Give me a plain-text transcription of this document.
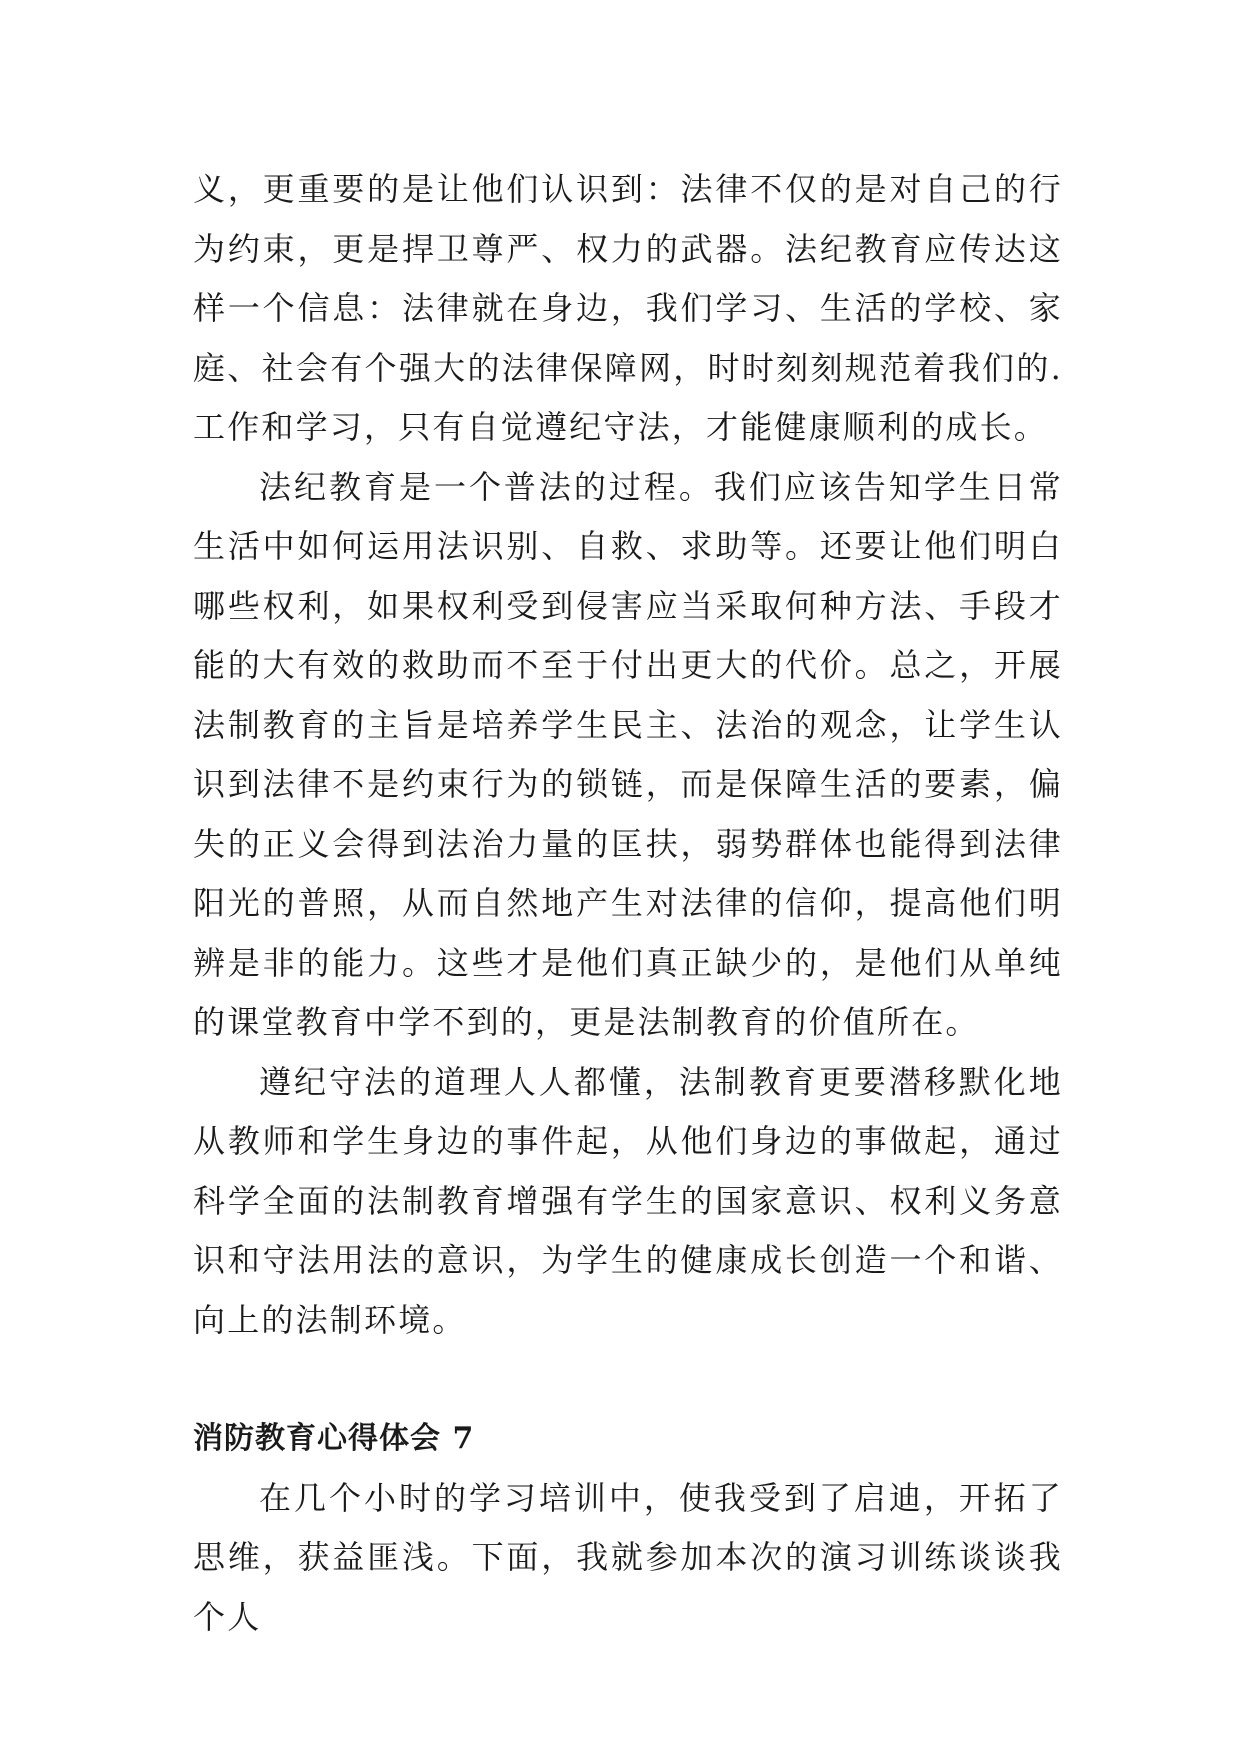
义，更重要的是让他们认识到：法律不仅的是对自己的行为约束，更是捍卫尊严、权力的武器。法纪教育应传达这样一个信息：法律就在身边，我们学习、生活的学校、家庭、社会有个强大的法律保障网，时时刻刻规范着我们的.工作和学习，只有自觉遵纪守法，才能健康顺利的成长。

法纪教育是一个普法的过程。我们应该告知学生日常生活中如何运用法识别、自救、求助等。还要让他们明白哪些权利，如果权利受到侵害应当采取何种方法、手段才能的大有效的救助而不至于付出更大的代价。总之，开展法制教育的主旨是培养学生民主、法治的观念，让学生认识到法律不是约束行为的锁链，而是保障生活的要素，偏失的正义会得到法治力量的匡扶，弱势群体也能得到法律阳光的普照，从而自然地产生对法律的信仰，提高他们明辨是非的能力。这些才是他们真正缺少的，是他们从单纯的课堂教育中学不到的，更是法制教育的价值所在。

遵纪守法的道理人人都懂，法制教育更要潜移默化地从教师和学生身边的事件起，从他们身边的事做起，通过科学全面的法制教育增强有学生的国家意识、权利义务意识和守法用法的意识，为学生的健康成长创造一个和谐、向上的法制环境。

消防教育心得体会 7

在几个小时的学习培训中，使我受到了启迪，开拓了思维，获益匪浅。下面，我就参加本次的演习训练谈谈我个人
